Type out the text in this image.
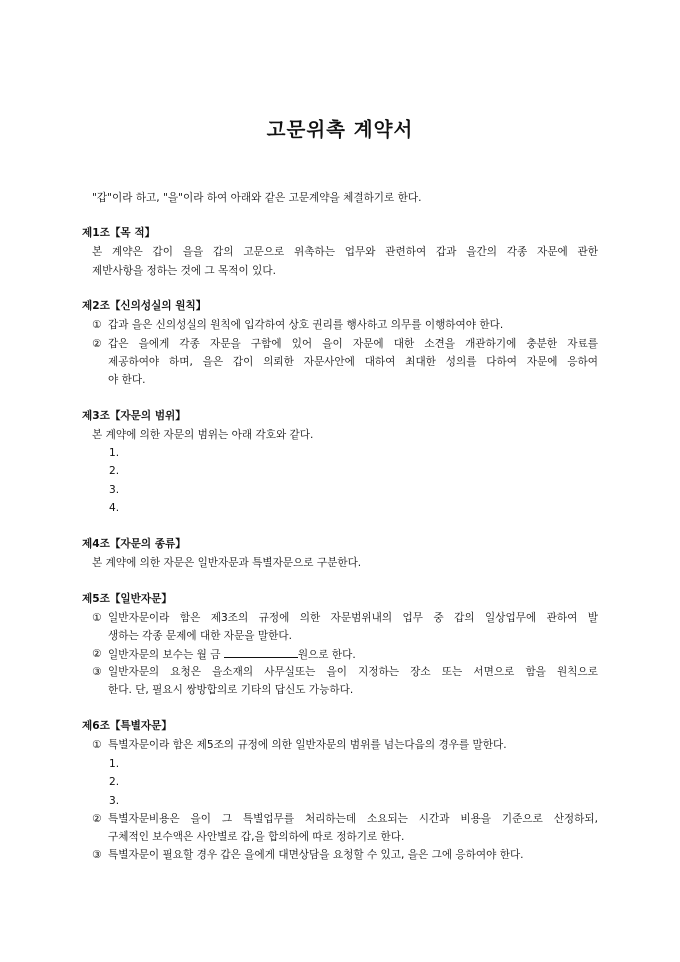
고문위촉 계약서
"갑"이라 하고, "을"이라 하여 아래와 같은 고문계약을 체결하기로 한다.
제1조【목 적】
본 계약은 갑이 을을 갑의 고문으로 위촉하는 업무와 관련하여 갑과 을간의 각종 자문에 관한
제반사항을 정하는 것에 그 목적이 있다.
제2조【신의성실의 원칙】
① 갑과 을은 신의성실의 원칙에 입각하여 상호 권리를 행사하고 의무를 이행하여야 한다.
② 갑은 을에게 각종 자문을 구함에 있어 을이 자문에 대한 소견을 개관하기에 충분한 자료를
제공하여야 하며, 을은 갑이 의뢰한 자문사안에 대하여 최대한 성의를 다하여 자문에 응하여
야 한다.
제3조【자문의 범위】
본 계약에 의한 자문의 범위는 아래 각호와 같다.
1.
2.
3.
4.
제4조【자문의 종류】
본 계약에 의한 자문은 일반자문과 특별자문으로 구분한다.
제5조【일반자문】
① 일반자문이라 함은 제3조의 규정에 의한 자문범위내의 업무 중 갑의 일상업무에 관하여 발
생하는 각종 문제에 대한 자문을 말한다.
② 일반자문의 보수는 월 금	원으로 한다.
③ 일반자문의 요청은 을소재의 사무실또는 을이 지정하는 장소 또는 서면으로 함을 원칙으로
한다. 단, 필요시 쌍방합의로 기타의 답신도 가능하다.
제6조【특별자문】
① 특별자문이라 함은 제5조의 규정에 의한 일반자문의 범위를 넘는다음의 경우를 말한다.
1.
2.
3.
② 특별자문비용은 을이 그 특별업무를 처리하는데 소요되는 시간과 비용을 기준으로 산정하되,
구체적인 보수액은 사안별로 갑,을 합의하에 따로 정하기로 한다.
③ 특별자문이 필요할 경우 갑은 을에게 대면상담을 요청할 수 있고, 을은 그에 응하여야 한다.
